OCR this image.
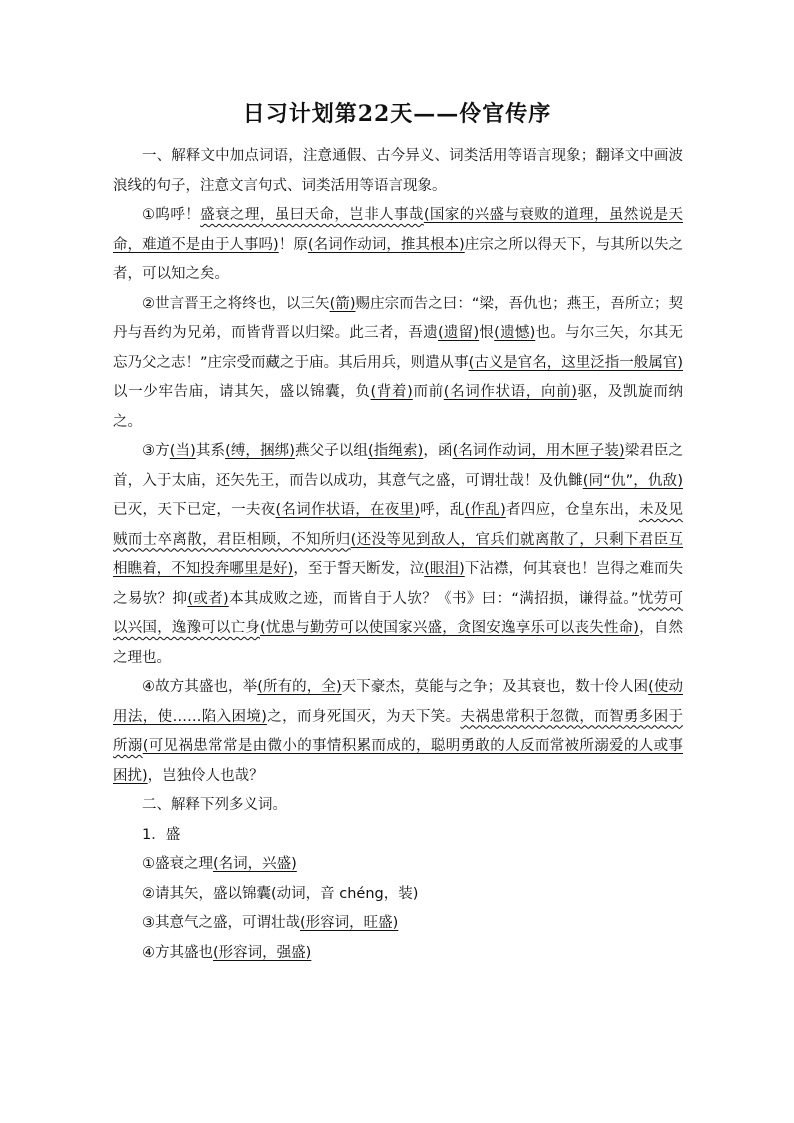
日习计划第22天——伶官传序

一、解释文中加点词语，注意通假、古今异义、词类活用等语言现象；翻译文中画波浪线的句子，注意文言句式、词类活用等语言现象。

①呜呼！盛衰之理，虽曰天命，岂非人事哉(国家的兴盛与衰败的道理，虽然说是天命，难道不是由于人事吗)！原(名词作动词，推其根本)庄宗之所以得天下，与其所以失之者，可以知之矣。

②世言晋王之将终也，以三矢(箭)赐庄宗而告之曰：“梁，吾仇也；燕王，吾所立；契丹与吾约为兄弟，而皆背晋以归梁。此三者，吾遗(遗留)恨(遗憾)也。与尔三矢，尔其无忘乃父之志！”庄宗受而藏之于庙。其后用兵，则遣从事(古义是官名，这里泛指一般属官)以一少牢告庙，请其矢，盛以锦囊，负(背着)而前(名词作状语，向前)驱，及凯旋而纳之。

③方(当)其系(缚，捆绑)燕父子以组(指绳索)，函(名词作动词，用木匣子装)梁君臣之首，入于太庙，还矢先王，而告以成功，其意气之盛，可谓壮哉！及仇雠(同“仇”，仇敌)已灭，天下已定，一夫夜(名词作状语，在夜里)呼，乱(作乱)者四应，仓皇东出，未及见贼而士卒离散，君臣相顾，不知所归(还没等见到敌人，官兵们就离散了，只剩下君臣互相瞧着，不知投奔哪里是好)，至于誓天断发，泣(眼泪)下沾襟，何其衰也！岂得之难而失之易欤？抑(或者)本其成败之迹，而皆自于人欤？《书》曰：“满招损，谦得益。”忧劳可以兴国，逸豫可以亡身(忧患与勤劳可以使国家兴盛，贪图安逸享乐可以丧失性命)，自然之理也。

④故方其盛也，举(所有的，全)天下豪杰，莫能与之争；及其衰也，数十伶人困(使动用法，使……陷入困境)之，而身死国灭，为天下笑。夫祸患常积于忽微，而智勇多困于所溺(可见祸患常常是由微小的事情积累而成的，聪明勇敢的人反而常被所溺爱的人或事困扰)，岂独伶人也哉？

二、解释下列多义词。

1．盛

①盛衰之理(名词，兴盛)

②请其矢，盛以锦囊(动词，音 chéng，装)

③其意气之盛，可谓壮哉(形容词，旺盛)

④方其盛也(形容词，强盛)
